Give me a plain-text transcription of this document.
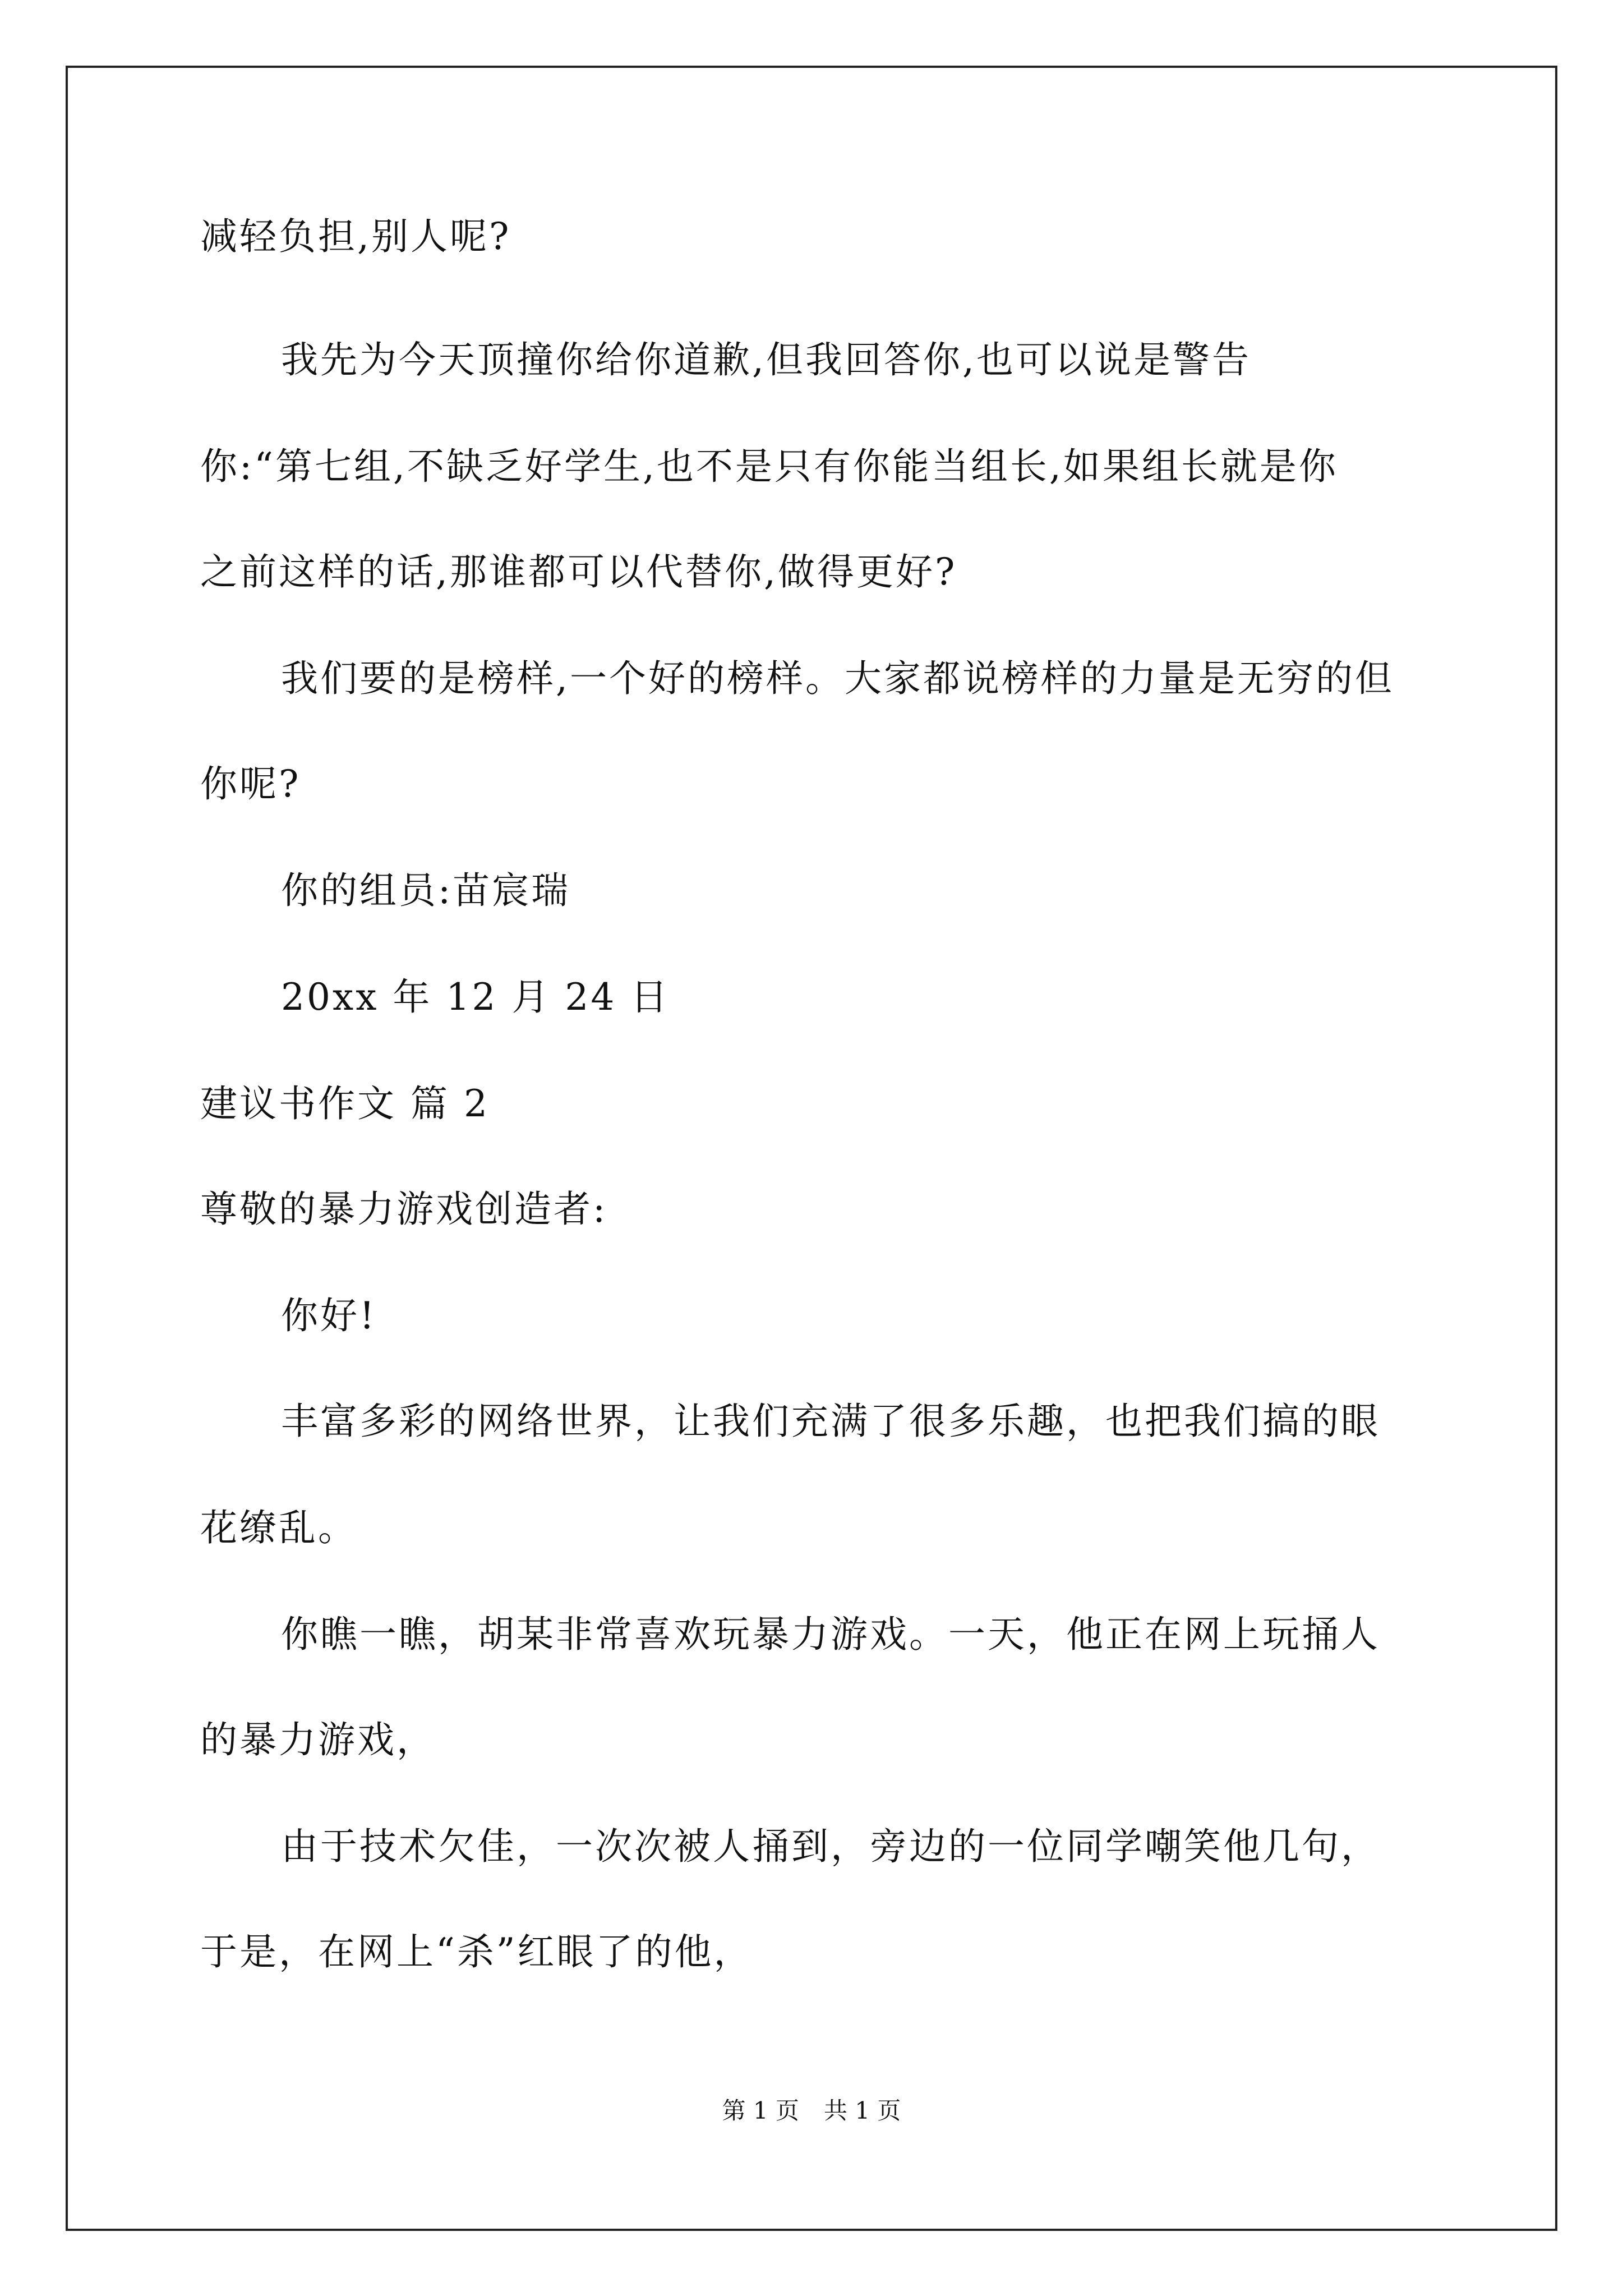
减轻负担,别人呢?
我先为今天顶撞你给你道歉,但我回答你,也可以说是警告
你:“第七组,不缺乏好学生,也不是只有你能当组长,如果组长就是你
之前这样的话,那谁都可以代替你,做得更好?
我们要的是榜样,一个好的榜样。大家都说榜样的力量是无穷的但
你呢?
你的组员:苗宸瑞
20xx 年 12 月 24 日
建议书作文 篇 2
尊敬的暴力游戏创造者:
你好!
丰富多彩的网络世界，让我们充满了很多乐趣，也把我们搞的眼
花缭乱。
你瞧一瞧，胡某非常喜欢玩暴力游戏。一天，他正在网上玩捅人
的暴力游戏，
由于技术欠佳，一次次被人捅到，旁边的一位同学嘲笑他几句，
于是，在网上“杀”红眼了的他，
第 1 页 共 1 页
